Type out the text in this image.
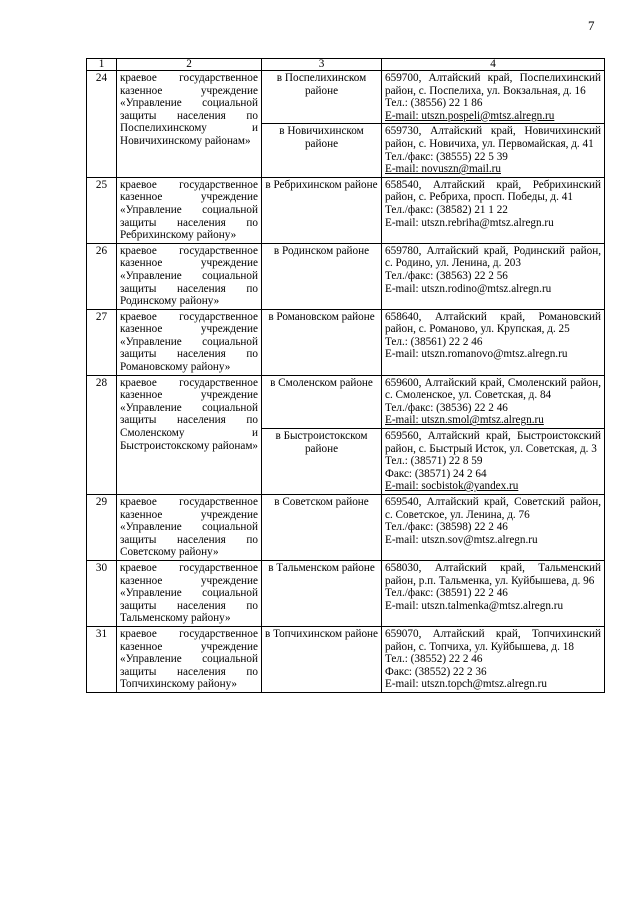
7
1	2	3	4
24	краевое государственное казенное учреждение «Управление социальной защиты населения по Поспелихинскому и Новичихинскому районам»	в Поспелихинском районе	659700, Алтайский край, Поспелихинский район, с. Поспелиха, ул. Вокзальная, д. 16
Тел.: (38556) 22 1 86
E-mail: utszn.pospeli@mtsz.alregn.ru

		в Новичихинском районе	659730, Алтайский край, Новичихинский район, с. Новичиха, ул. Первомайская, д. 41
Тел./факс: (38555) 22 5 39
E-mail: novuszn@mail.ru

25	краевое государственное казенное учреждение «Управление социальной защиты населения по Ребрихинскому району»	в Ребрихинском районе	658540, Алтайский край, Ребрихинский район, с. Ребриха, просп. Победы, д. 41
Тел./факс: (38582) 21 1 22
E-mail: utszn.rebriha@mtsz.alregn.ru

26	краевое государственное казенное учреждение «Управление социальной защиты населения по Родинскому району»	в Родинском районе	659780, Алтайский край, Родинский район, с. Родино, ул. Ленина, д. 203
Тел./факс: (38563) 22 2 56
E-mail: utszn.rodino@mtsz.alregn.ru

27	краевое государственное казенное учреждение «Управление социальной защиты населения по Романовскому району»	в Романовском районе	658640, Алтайский край, Романовский район, с. Романово, ул. Крупская, д. 25
Тел.: (38561) 22 2 46
E-mail: utszn.romanovo@mtsz.alregn.ru

28	краевое государственное казенное учреждение «Управление социальной защиты населения по Смоленскому и Быстроистокскому районам»	в Смоленском районе	659600, Алтайский край, Смоленский район, с. Смоленское, ул. Советская, д. 84
Тел./факс: (38536) 22 2 46
E-mail: utszn.smol@mtsz.alregn.ru

		в Быстроистокском районе	659560, Алтайский край, Быстроистокский район, с. Быстрый Исток, ул. Советская, д. 3
Тел.: (38571) 22 8 59
Факс: (38571) 24 2 64
E-mail: socbistok@yandex.ru

29	краевое государственное казенное учреждение «Управление социальной защиты населения по Советскому району»	в Советском районе	659540, Алтайский край, Советский район, с. Советское, ул. Ленина, д. 76
Тел./факс: (38598) 22 2 46
E-mail: utszn.sov@mtsz.alregn.ru

30	краевое государственное казенное учреждение «Управление социальной защиты населения по Тальменскому району»	в Тальменском районе	658030, Алтайский край, Тальменский район, р.п. Тальменка, ул. Куйбышева, д. 96
Тел./факс: (38591) 22 2 46
E-mail: utszn.talmenka@mtsz.alregn.ru

31	краевое государственное казенное учреждение «Управление социальной защиты населения по Топчихинскому району»	в Топчихинском районе	659070, Алтайский край, Топчихинский район, с. Топчиха, ул. Куйбышева, д. 18
Тел.: (38552) 22 2 46
Факс: (38552) 22 2 36
E-mail: utszn.topch@mtsz.alregn.ru
